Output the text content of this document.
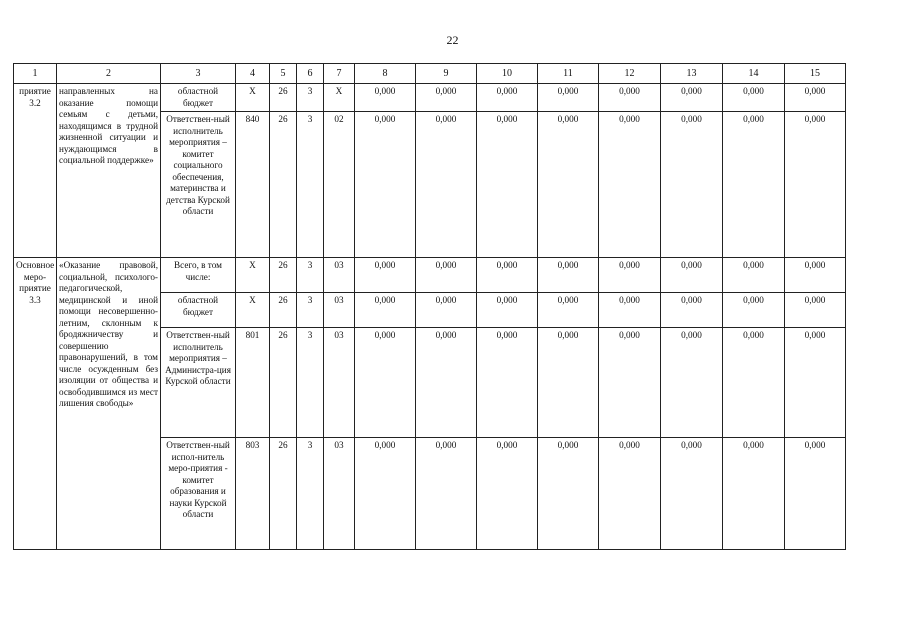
22
1	2	3	4	5	6	7	8	9	10	11	12	13	14	15
приятие 3.2	направленных на оказание помощи семьям с детьми, находящимся в трудной жизненной ситуации и нуждающимся в социальной поддержке»	областной бюджет	Х	26	3	Х	0,000	0,000	0,000	0,000	0,000	0,000	0,000	0,000
		Ответствен-ный исполнитель мероприятия – комитет социального обеспечения, материнства и детства Курской области	840	26	3	02	0,000	0,000	0,000	0,000	0,000	0,000	0,000	0,000
Основное меро-приятие 3.3	«Оказание правовой, социальной, психолого-педагогической, медицинской и иной помощи несовершенно-летним, склонным к бродяжничеству и совершению правонарушений, в том числе осужденным без изоляции от общества и освободившимся из мест лишения свободы»	Всего, в том числе:	Х	26	3	03	0,000	0,000	0,000	0,000	0,000	0,000	0,000	0,000
		областной бюджет	Х	26	3	03	0,000	0,000	0,000	0,000	0,000	0,000	0,000	0,000
		Ответствен-ный исполнитель мероприятия – Администра-ция Курской области	801	26	3	03	0,000	0,000	0,000	0,000	0,000	0,000	0,000	0,000
		Ответствен-ный испол-нитель меро-приятия - комитет образования и науки Курской области	803	26	3	03	0,000	0,000	0,000	0,000	0,000	0,000	0,000	0,000
